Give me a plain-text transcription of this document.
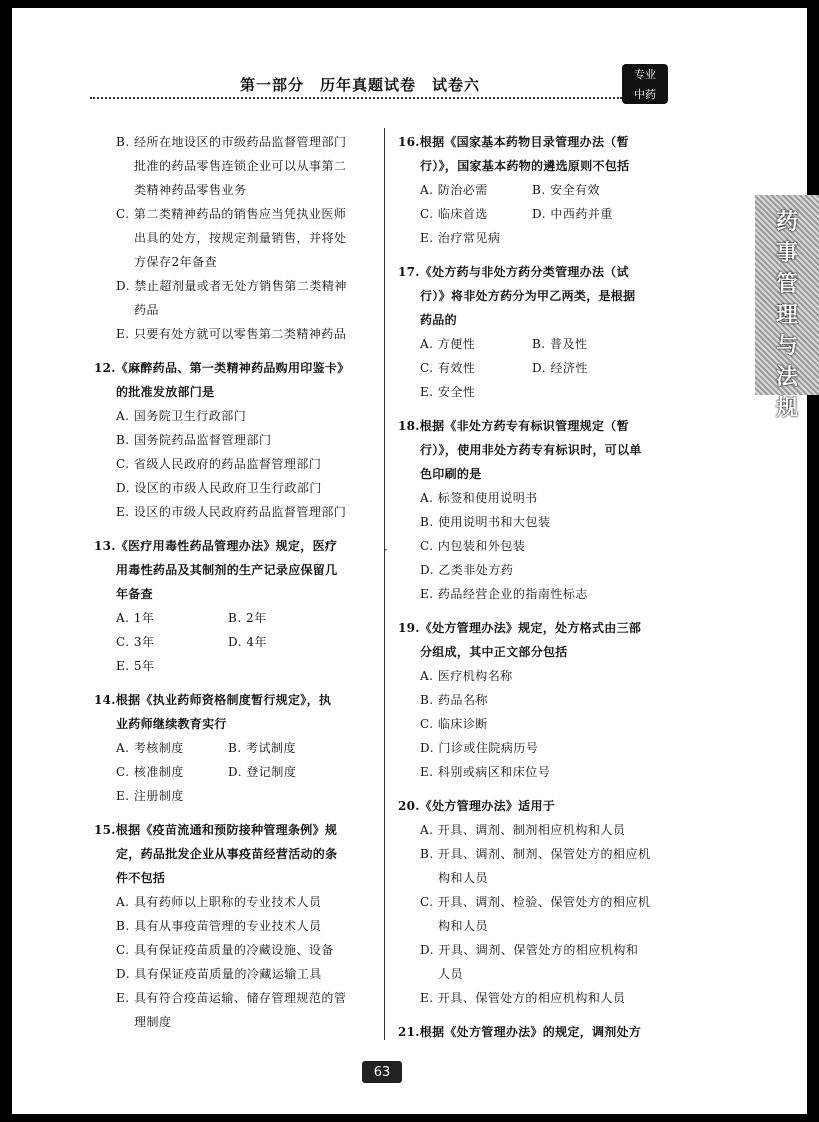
第一部分　历年真题试卷　试卷六
专业
中药
药
事
管
理
与
法
规
B. 经所在地设区的市级药品监督管理部门
批准的药品零售连锁企业可以从事第二
类精神药品零售业务
C. 第二类精神药品的销售应当凭执业医师
出具的处方，按规定剂量销售，并将处
方保存2年备查
D. 禁止超剂量或者无处方销售第二类精神
药品
E. 只要有处方就可以零售第二类精神药品
12.《麻醉药品、第一类精神药品购用印鉴卡》
的批准发放部门是
A. 国务院卫生行政部门
B. 国务院药品监督管理部门
C. 省级人民政府的药品监督管理部门
D. 设区的市级人民政府卫生行政部门
E. 设区的市级人民政府药品监督管理部门
13.《医疗用毒性药品管理办法》规定，医疗
用毒性药品及其制剂的生产记录应保留几
年备查
A. 1年	B. 2年
C. 3年	D. 4年
E. 5年
14.根据《执业药师资格制度暂行规定》，执
业药师继续教育实行
A. 考核制度	B. 考试制度
C. 核准制度	D. 登记制度
E. 注册制度
15.根据《疫苗流通和预防接种管理条例》规
定，药品批发企业从事疫苗经营活动的条
件不包括
A. 具有药师以上职称的专业技术人员
B. 具有从事疫苗管理的专业技术人员
C. 具有保证疫苗质量的冷藏设施、设备
D. 具有保证疫苗质量的冷藏运输工具
E. 具有符合疫苗运输、储存管理规范的管
理制度
·
16.根据《国家基本药物目录管理办法（暂
行）》，国家基本药物的遴选原则不包括
A. 防治必需	B. 安全有效
C. 临床首选	D. 中西药并重
E. 治疗常见病
17.《处方药与非处方药分类管理办法（试
行）》将非处方药分为甲乙两类，是根据
药品的
A. 方便性	B. 普及性
C. 有效性	D. 经济性
E. 安全性
18.根据《非处方药专有标识管理规定（暂
行）》，使用非处方药专有标识时，可以单
色印刷的是
A. 标签和使用说明书
B. 使用说明书和大包装
C. 内包装和外包装
D. 乙类非处方药
E. 药品经营企业的指南性标志
19.《处方管理办法》规定，处方格式由三部
分组成，其中正文部分包括
A. 医疗机构名称
B. 药品名称
C. 临床诊断
D. 门诊或住院病历号
E. 科别或病区和床位号
20.《处方管理办法》适用于
A. 开具、调剂、制剂相应机构和人员
B. 开具、调剂、制剂、保管处方的相应机
构和人员
C. 开具、调剂、检验、保管处方的相应机
构和人员
D. 开具、调剂、保管处方的相应机构和
人员
E. 开具、保管处方的相应机构和人员
21.根据《处方管理办法》的规定，调剂处方
63
